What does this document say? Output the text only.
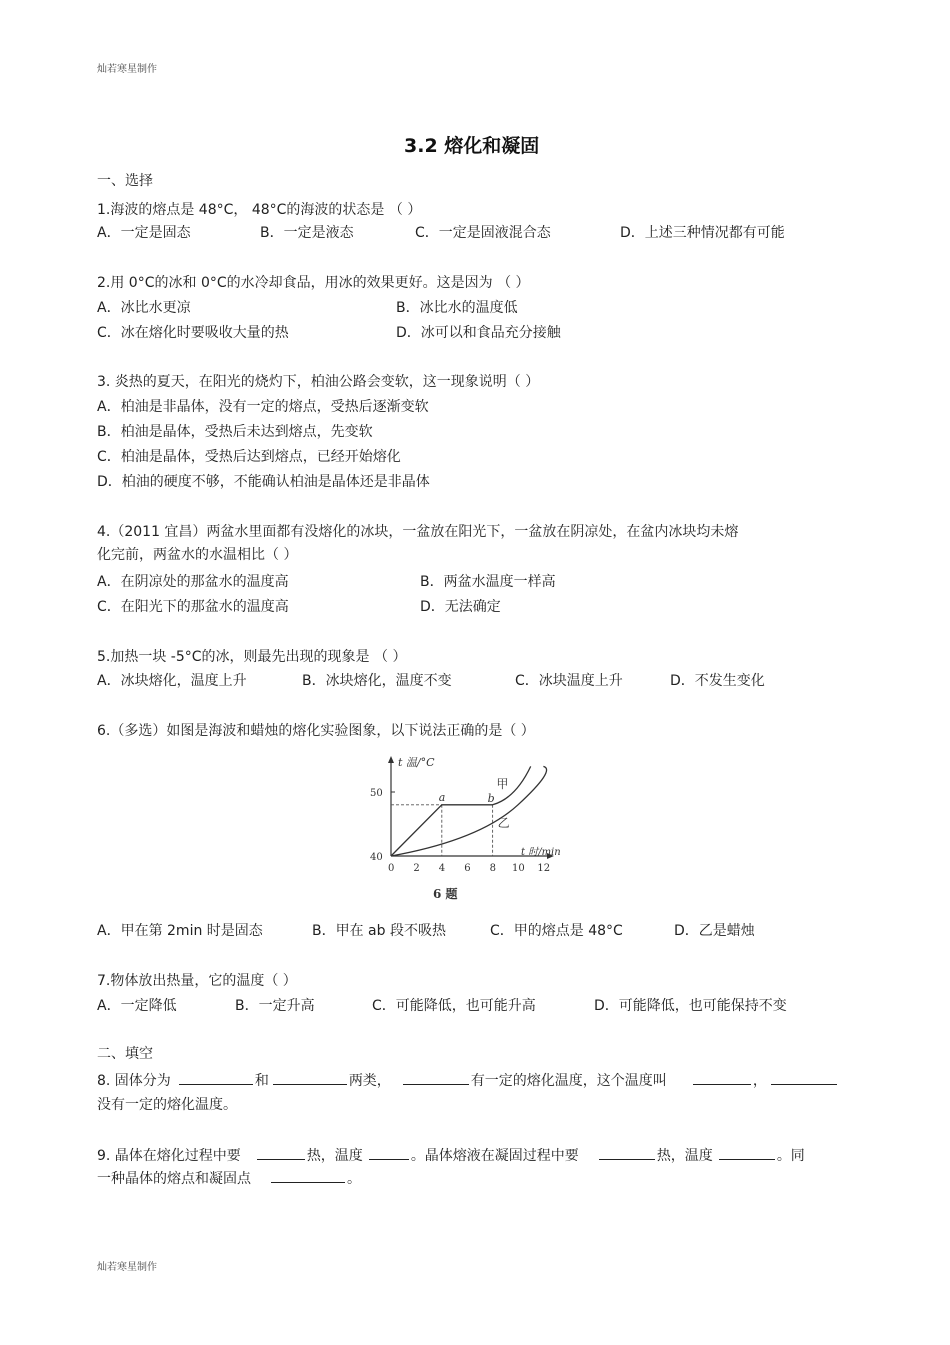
灿若寒星制作
3.2 熔化和凝固
一、选择
1.海波的熔点是 48°C， 48°C的海波的状态是 （ ）
A．一定是固态	B．一定是液态	C．一定是固液混合态	D．上述三种情况都有可能
2.用 0°C的冰和 0°C的水冷却食品，用冰的效果更好。这是因为 （ ）
A．冰比水更凉	B．冰比水的温度低
C．冰在熔化时要吸收大量的热	D．冰可以和食品充分接触
3. 炎热的夏天，在阳光的烧灼下，柏油公路会变软，这一现象说明（ ）
A．柏油是非晶体，没有一定的熔点，受热后逐渐变软
B．柏油是晶体，受热后未达到熔点，先变软
C．柏油是晶体，受热后达到熔点，已经开始熔化
D．柏油的硬度不够，不能确认柏油是晶体还是非晶体
4.（2011 宜昌）两盆水里面都有没熔化的冰块，一盆放在阳光下，一盆放在阴凉处，在盆内冰块均未熔
化完前，两盆水的水温相比（ ）
A．在阴凉处的那盆水的温度高	B．两盆水温度一样高
C．在阳光下的那盆水的温度高	D．无法确定
5.加热一块 -5°C的冰，则最先出现的现象是 （ ）
A．冰块熔化，温度上升	B．冰块熔化，温度不变	C．冰块温度上升	D．不发生变化
6.（多选）如图是海波和蜡烛的熔化实验图象，以下说法正确的是（ ）
t 温/°C
t 时/min
50
40
0 2 4 6 8 10 12
a	b
甲
乙
6 题
A．甲在第 2min 时是固态	B．甲在 ab 段不吸热	C．甲的熔点是 48°C	D．乙是蜡烛
7.物体放出热量，它的温度（ ）
A．一定降低	B．一定升高	C．可能降低，也可能升高	D．可能降低，也可能保持不变
二、填空
8. 固体分为	和	两类，	有一定的熔化温度，这个温度叫	，
没有一定的熔化温度。
9. 晶体在熔化过程中要	热，温度	。晶体熔液在凝固过程中要	热，温度	。同
一种晶体的熔点和凝固点	。
灿若寒星制作
